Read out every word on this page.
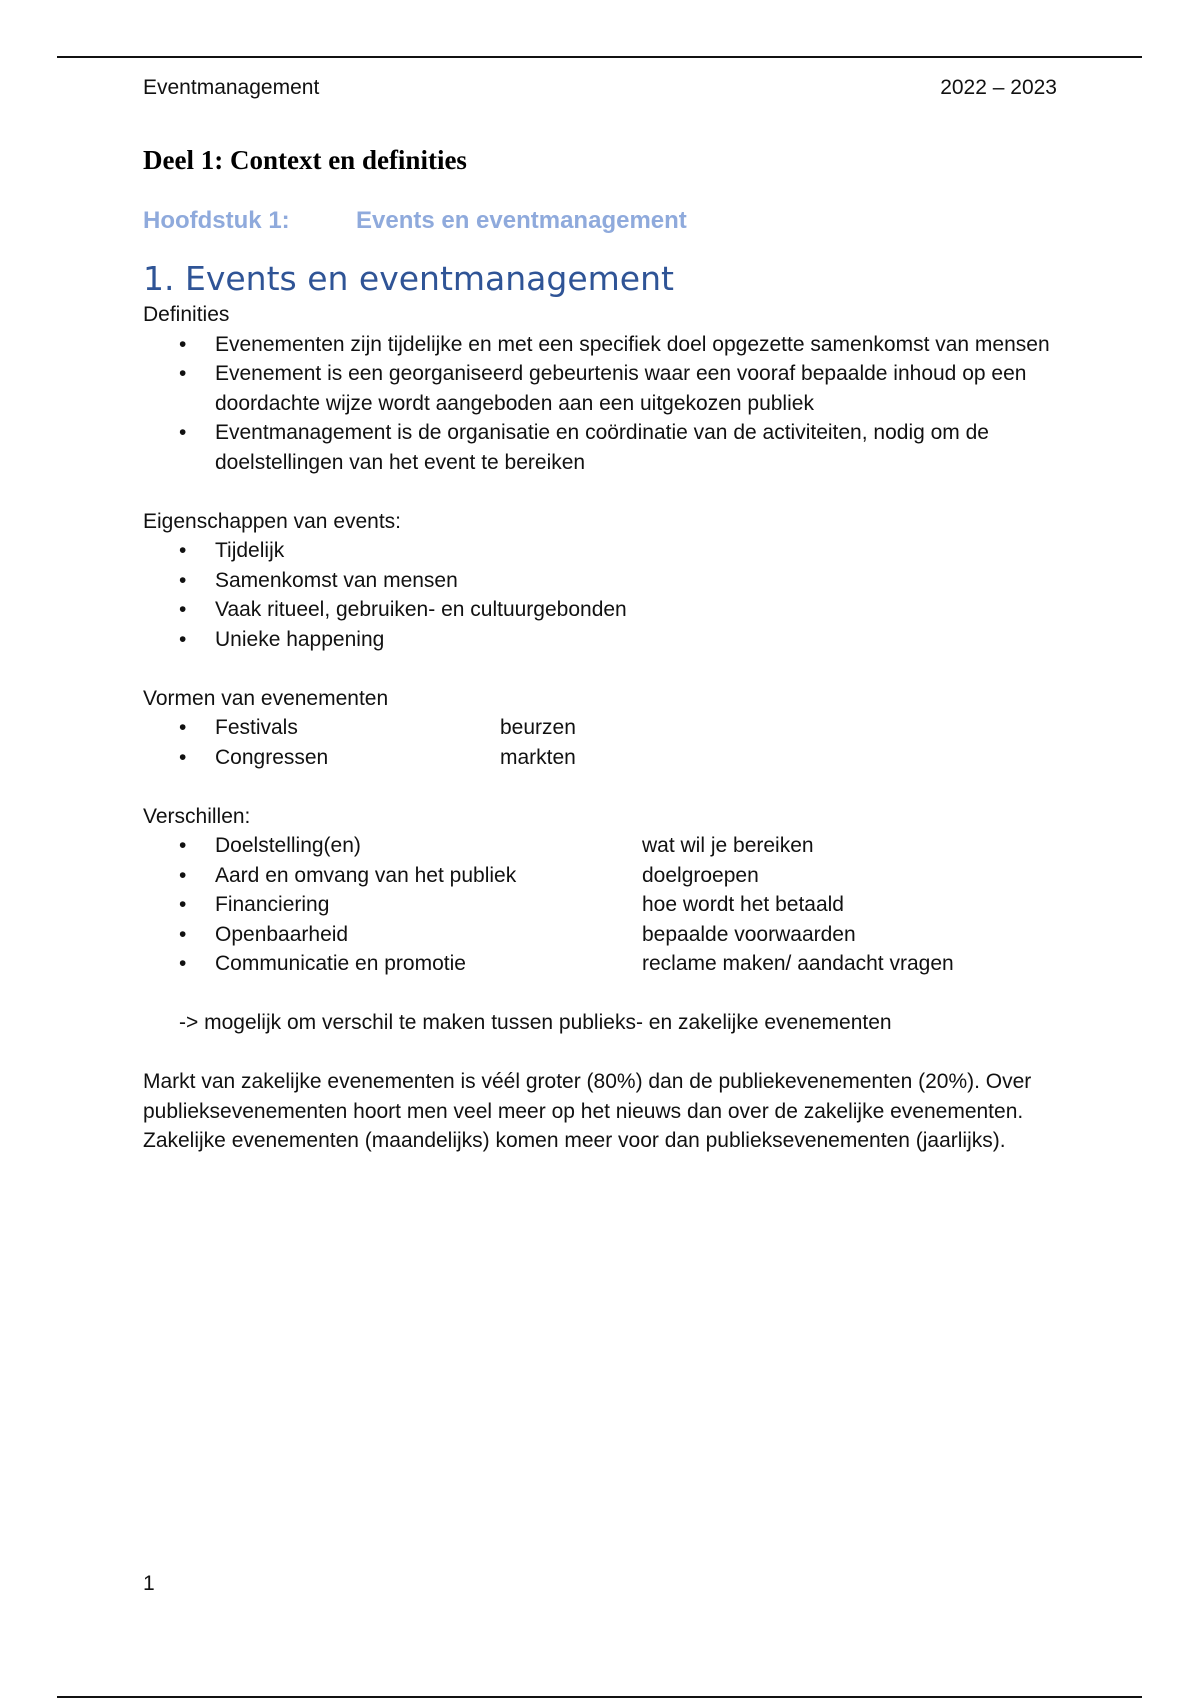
Eventmanagement	2022 – 2023
Deel 1: Context en definities
Hoofdstuk 1:	Events en eventmanagement
1. Events en eventmanagement

Definities

• Evenementen zijn tijdelijke en met een specifiek doel opgezette samenkomst van mensen
• Evenement is een georganiseerd gebeurtenis waar een vooraf bepaalde inhoud op een doordachte wijze wordt aangeboden aan een uitgekozen publiek
• Eventmanagement is de organisatie en coördinatie van de activiteiten, nodig om de doelstellingen van het event te bereiken

Eigenschappen van events:

• Tijdelijk
• Samenkomst van mensen
• Vaak ritueel, gebruiken- en cultuurgebonden
• Unieke happening

Vormen van evenementen

• Festivals	beurzen
• Congressen	markten

Verschillen:

• Doelstelling(en)	wat wil je bereiken
• Aard en omvang van het publiek	doelgroepen
• Financiering	hoe wordt het betaald
• Openbaarheid	bepaalde voorwaarden
• Communicatie en promotie	reclame maken/ aandacht vragen

-> mogelijk om verschil te maken tussen publieks- en zakelijke evenementen

Markt van zakelijke evenementen is véél groter (80%) dan de publiekevenementen (20%). Over publieksevenementen hoort men veel meer op het nieuws dan over de zakelijke evenementen. Zakelijke evenementen (maandelijks) komen meer voor dan publieksevenementen (jaarlijks).

1
